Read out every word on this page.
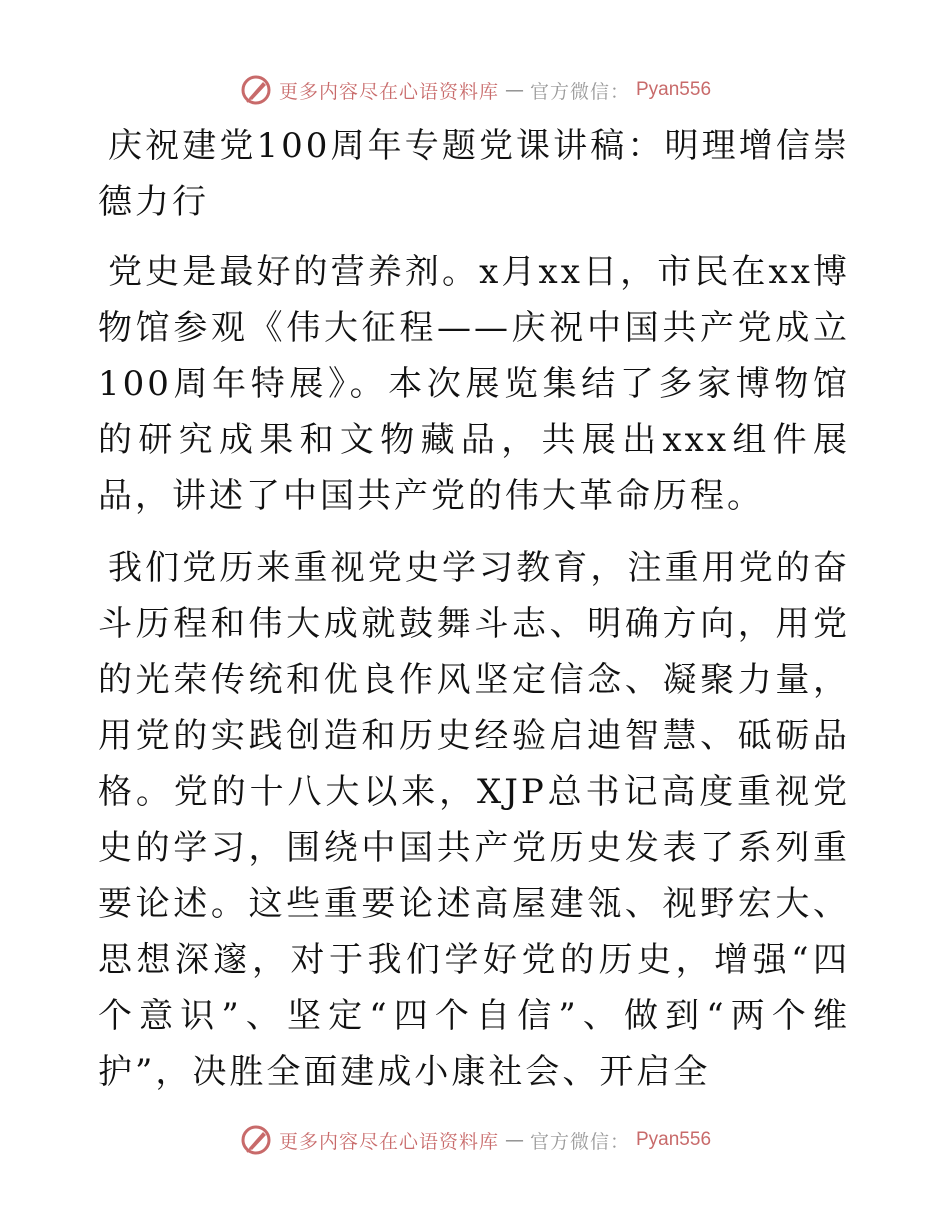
更多内容尽在心语资料库 — 官方微信： Pyan556

庆祝建党100周年专题党课讲稿：明理增信崇德力行

党史是最好的营养剂。x月xx日，市民在xx博物馆参观《伟大征程——庆祝中国共产党成立100周年特展》。本次展览集结了多家博物馆的研究成果和文物藏品，共展出xxx组件展品，讲述了中国共产党的伟大革命历程。

我们党历来重视党史学习教育，注重用党的奋斗历程和伟大成就鼓舞斗志、明确方向，用党的光荣传统和优良作风坚定信念、凝聚力量，用党的实践创造和历史经验启迪智慧、砥砺品格。党的十八大以来，XJP总书记高度重视党史的学习，围绕中国共产党历史发表了系列重要论述。这些重要论述高屋建瓴、视野宏大、思想深邃，对于我们学好党的历史，增强“四个意识”、坚定“四个自信”、做到“两个维护”，决胜全面建成小康社会、开启全

更多内容尽在心语资料库 — 官方微信： Pyan556
